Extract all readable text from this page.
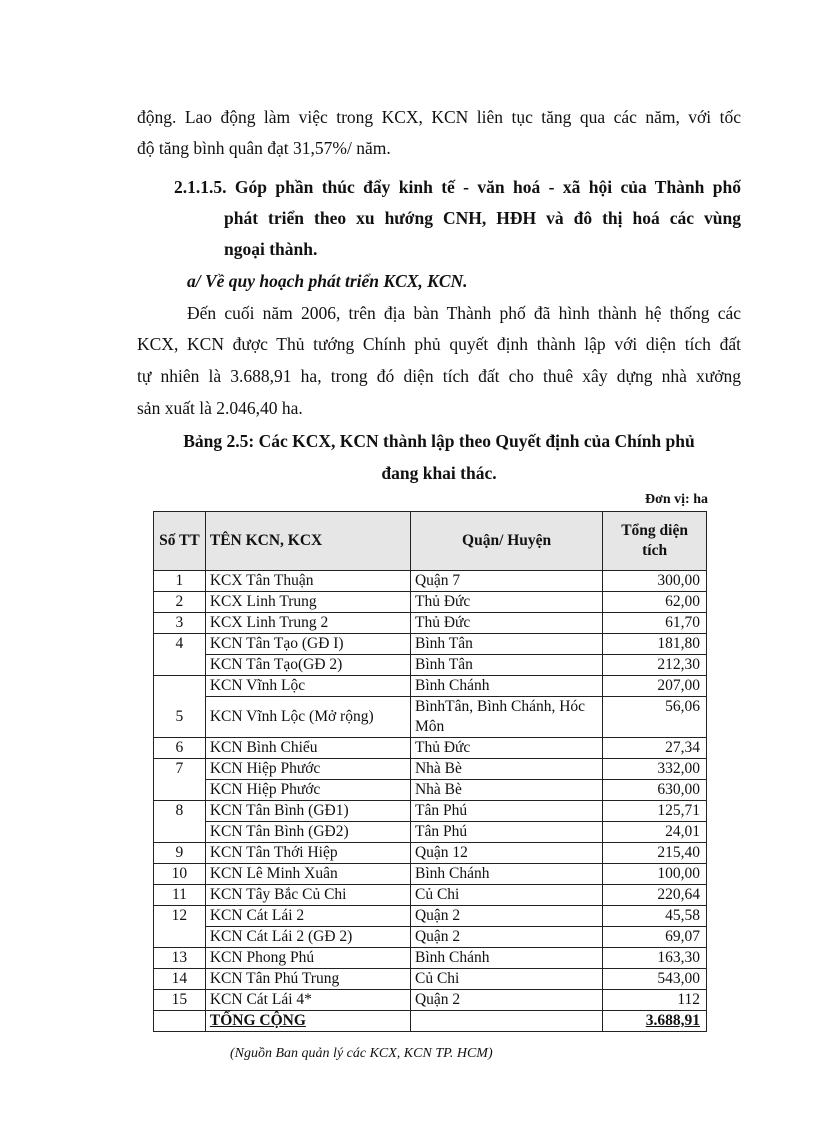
động. Lao động làm việc trong KCX, KCN liên tục tăng qua các năm, với tốc
độ tăng bình quân đạt 31,57%/ năm.
2.1.1.5. Góp phần thúc đẩy kinh tế - văn hoá - xã hội của Thành phố
phát triển theo xu hướng CNH, HĐH và đô thị hoá các vùng
ngoại thành.
a/ Về quy hoạch phát triển KCX, KCN.
Đến cuối năm 2006, trên địa bàn Thành phố đã hình thành hệ thống các
KCX, KCN được Thủ tướng Chính phủ quyết định thành lập với diện tích đất
tự nhiên là 3.688,91 ha, trong đó diện tích đất cho thuê xây dựng nhà xưởng
sản xuất là 2.046,40 ha.
Bảng 2.5: Các KCX, KCN thành lập theo Quyết định của Chính phủ
đang khai thác.
Đơn vị: ha
Số TT	TÊN KCN, KCX	Quận/ Huyện	Tổng diện tích
1	KCX Tân Thuận	Quận 7	300,00
2	KCX Linh Trung	Thủ Đức	62,00
3	KCX Linh Trung 2	Thủ Đức	61,70
4	KCN Tân Tạo (GĐ I)	Bình Tân	181,80
	KCN Tân Tạo(GĐ 2)	Bình Tân	212,30
	KCN Vĩnh Lộc	Bình Chánh	207,00
5	KCN Vĩnh Lộc (Mở rộng)	BìnhTân, Bình Chánh, Hóc Môn	56,06
6	KCN Bình Chiểu	Thủ Đức	27,34
7	KCN Hiệp Phước	Nhà Bè	332,00
	KCN Hiệp Phước	Nhà Bè	630,00
8	KCN Tân Bình (GĐ1)	Tân Phú	125,71
	KCN Tân Bình (GĐ2)	Tân Phú	24,01
9	KCN Tân Thới Hiệp	Quận 12	215,40
10	KCN Lê Minh Xuân	Bình Chánh	100,00
11	KCN Tây Bắc Củ Chi	Củ Chi	220,64
12	KCN Cát Lái 2	Quận 2	45,58
	KCN Cát Lái 2 (GĐ 2)	Quận 2	69,07
13	KCN Phong Phú	Bình Chánh	163,30
14	KCN Tân Phú Trung	Củ Chi	543,00
15	KCN Cát Lái 4*	Quận 2	112
	TỔNG CỘNG		3.688,91
(Nguồn Ban quản lý các KCX, KCN TP. HCM)
